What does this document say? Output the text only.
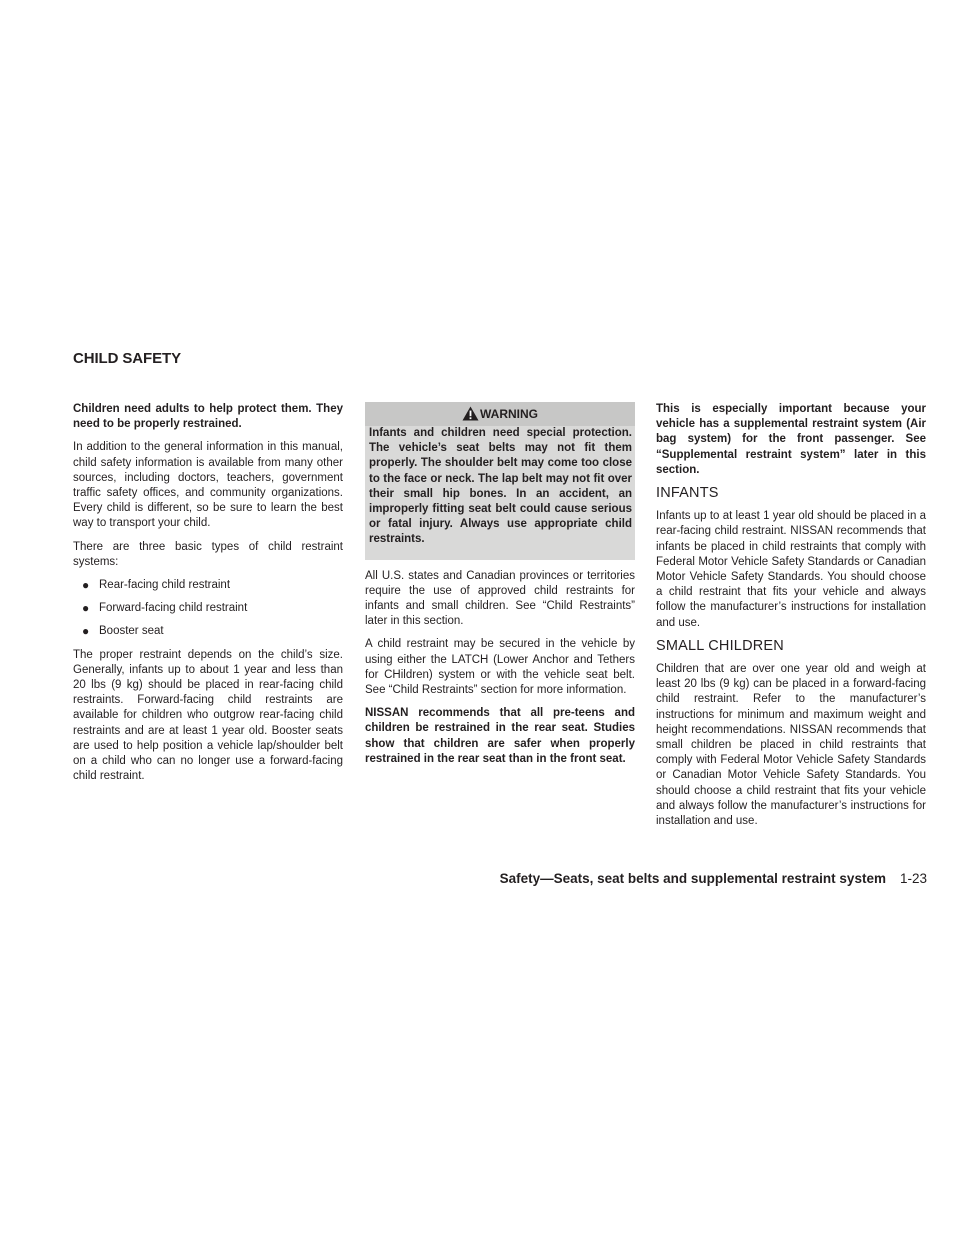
CHILD SAFETY

Children need adults to help protect them. They need to be properly restrained.

In addition to the general information in this manual, child safety information is available from many other sources, including doctors, teachers, government traffic safety offices, and community organizations. Every child is different, so be sure to learn the best way to transport your child.

There are three basic types of child restraint systems:

● Rear-facing child restraint
● Forward-facing child restraint
● Booster seat

The proper restraint depends on the child’s size. Generally, infants up to about 1 year and less than 20 lbs (9 kg) should be placed in rear-facing child restraints. Forward-facing child restraints are available for children who outgrow rear-facing child restraints and are at least 1 year old. Booster seats are used to help position a vehicle lap/shoulder belt on a child who can no longer use a forward-facing child restraint.

WARNING

Infants and children need special protection. The vehicle’s seat belts may not fit them properly. The shoulder belt may come too close to the face or neck. The lap belt may not fit over their small hip bones. In an accident, an improperly fitting seat belt could cause serious or fatal injury. Always use appropriate child restraints.

All U.S. states and Canadian provinces or territories require the use of approved child restraints for infants and small children. See “Child Restraints” later in this section.

A child restraint may be secured in the vehicle by using either the LATCH (Lower Anchor and Tethers for CHildren) system or with the vehicle seat belt. See “Child Restraints” section for more information.

NISSAN recommends that all pre-teens and children be restrained in the rear seat. Studies show that children are safer when properly restrained in the rear seat than in the front seat.

This is especially important because your vehicle has a supplemental restraint system (Air bag system) for the front passenger. See “Supplemental restraint system” later in this section.

INFANTS

Infants up to at least 1 year old should be placed in a rear-facing child restraint. NISSAN recommends that infants be placed in child restraints that comply with Federal Motor Vehicle Safety Standards or Canadian Motor Vehicle Safety Standards. You should choose a child restraint that fits your vehicle and always follow the manufacturer’s instructions for installation and use.

SMALL CHILDREN

Children that are over one year old and weigh at least 20 lbs (9 kg) can be placed in a forward-facing child restraint. Refer to the manufacturer’s instructions for minimum and maximum weight and height recommendations. NISSAN recommends that small children be placed in child restraints that comply with Federal Motor Vehicle Safety Standards or Canadian Motor Vehicle Safety Standards. You should choose a child restraint that fits your vehicle and always follow the manufacturer’s instructions for installation and use.

Safety—Seats, seat belts and supplemental restraint system 1-23
